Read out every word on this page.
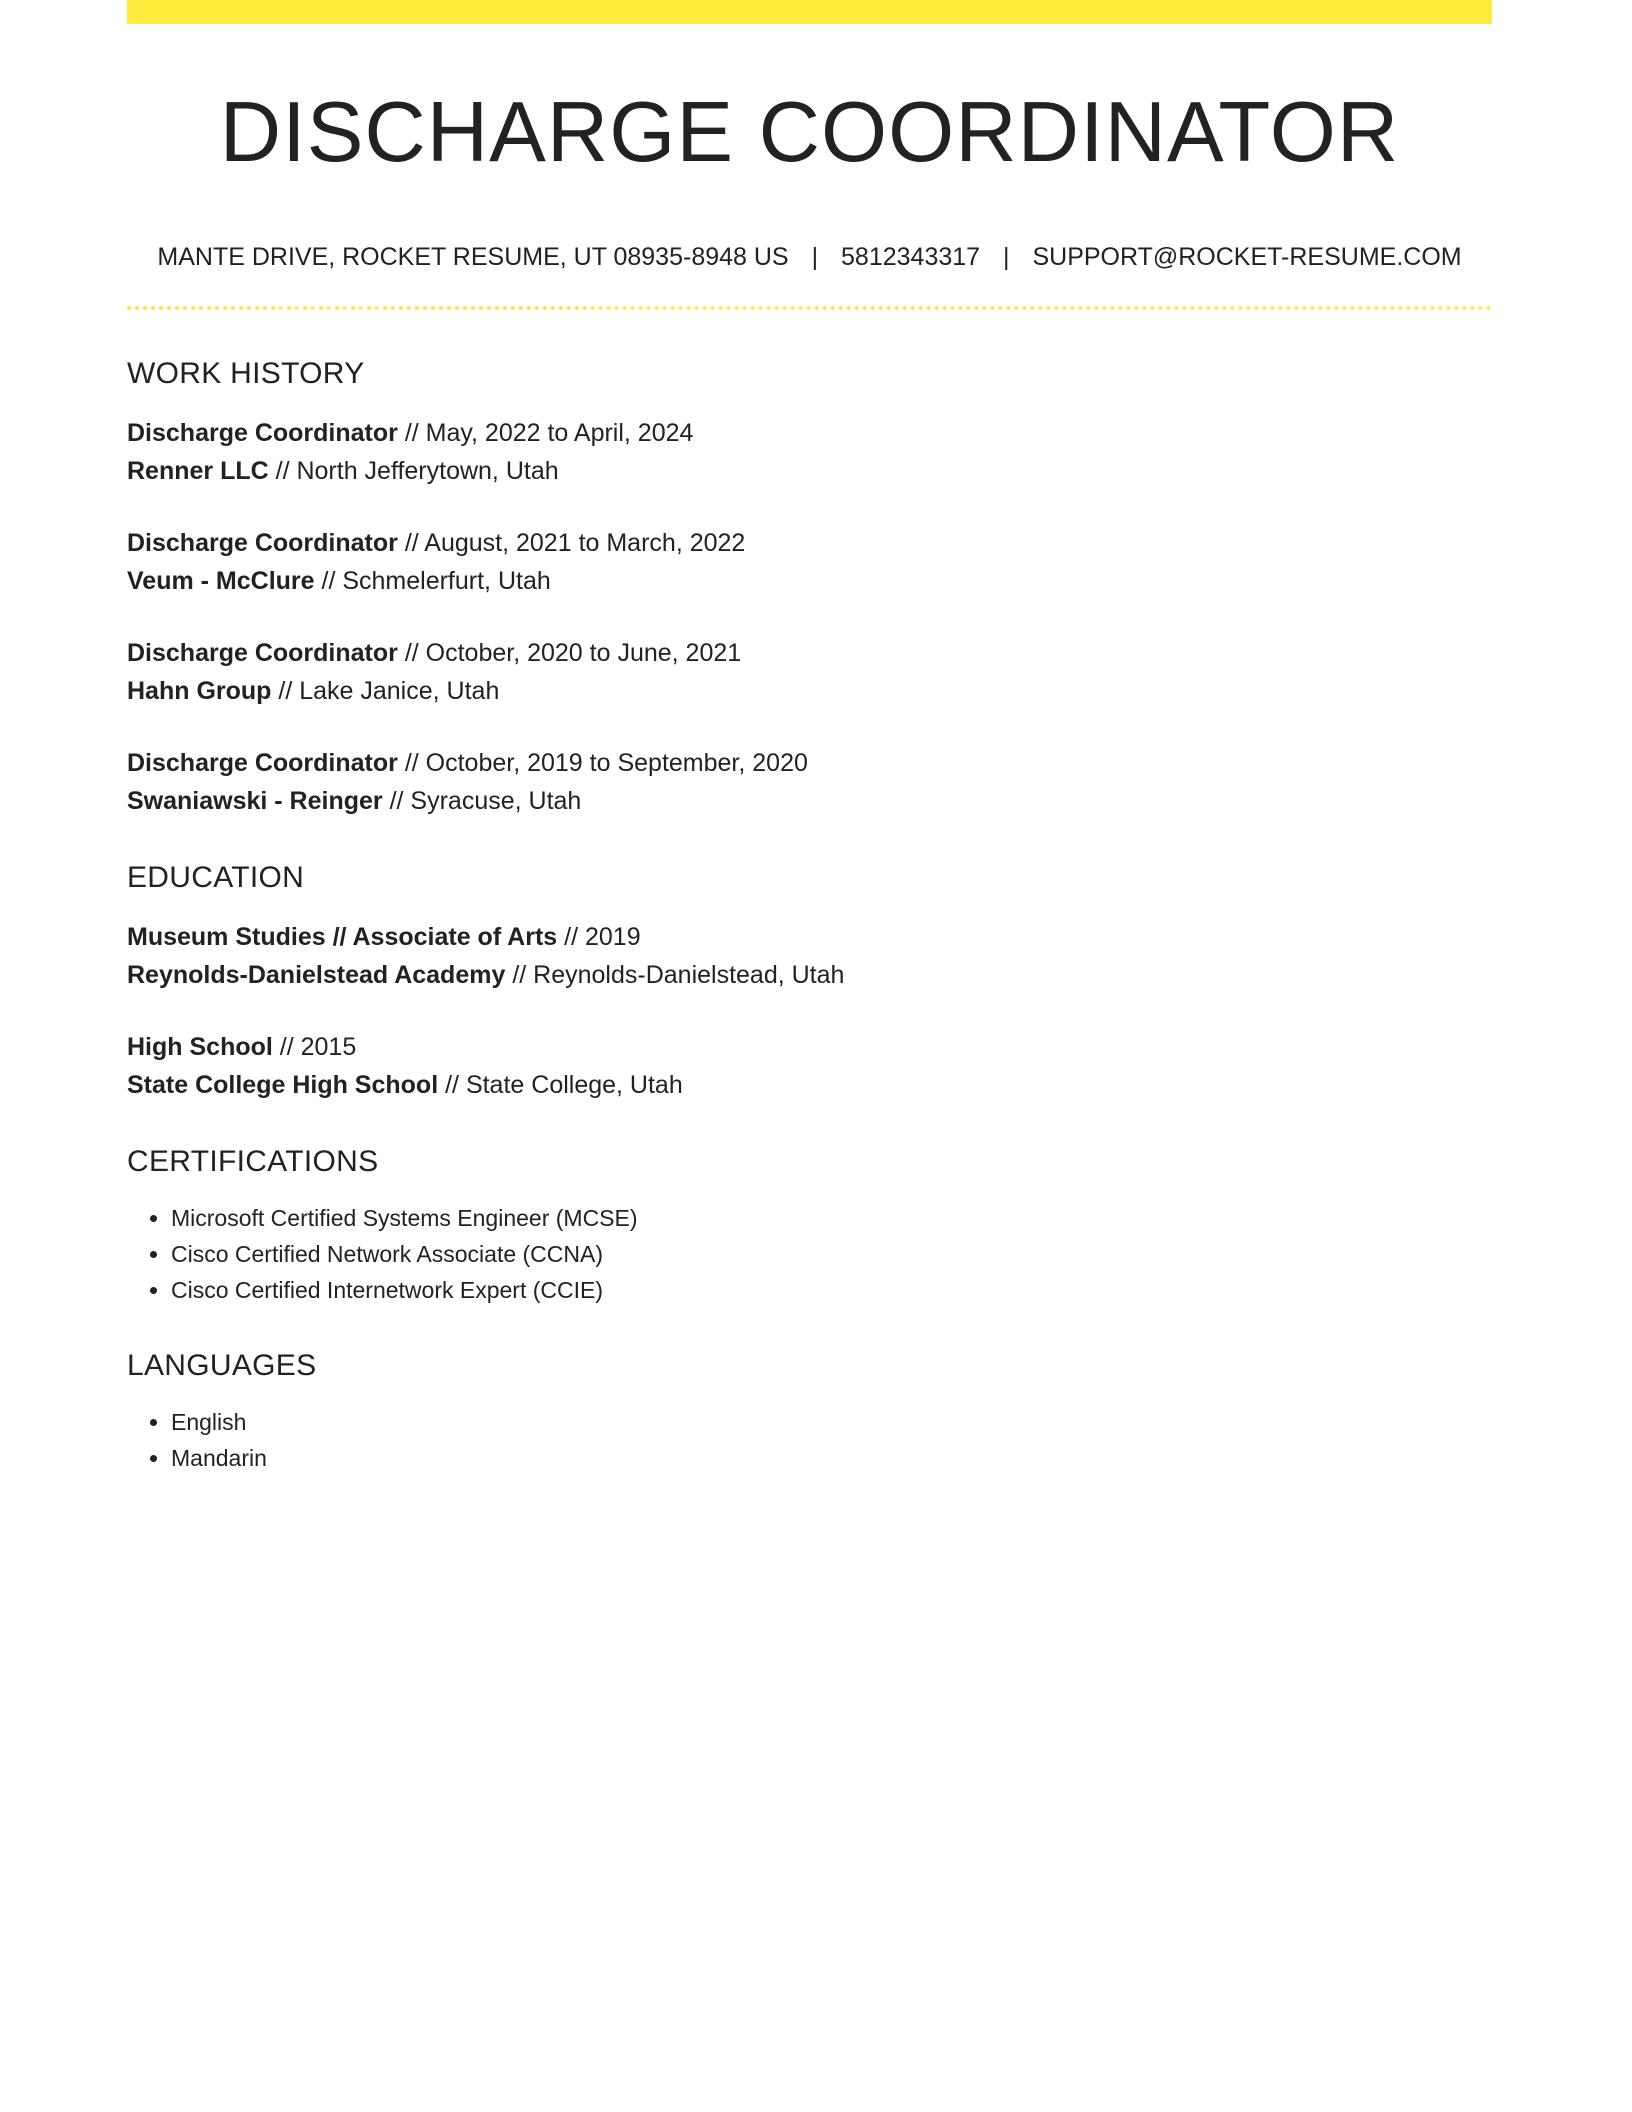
DISCHARGE COORDINATOR
MANTE DRIVE, ROCKET RESUME, UT 08935-8948 US | 5812343317 | SUPPORT@ROCKET-RESUME.COM
WORK HISTORY
Discharge Coordinator // May, 2022 to April, 2024
Renner LLC // North Jefferytown, Utah
Discharge Coordinator // August, 2021 to March, 2022
Veum - McClure // Schmelerfurt, Utah
Discharge Coordinator // October, 2020 to June, 2021
Hahn Group // Lake Janice, Utah
Discharge Coordinator // October, 2019 to September, 2020
Swaniawski - Reinger // Syracuse, Utah
EDUCATION
Museum Studies // Associate of Arts // 2019
Reynolds-Danielstead Academy // Reynolds-Danielstead, Utah
High School // 2015
State College High School // State College, Utah
CERTIFICATIONS
• Microsoft Certified Systems Engineer (MCSE)
• Cisco Certified Network Associate (CCNA)
• Cisco Certified Internetwork Expert (CCIE)
LANGUAGES
• English
• Mandarin
